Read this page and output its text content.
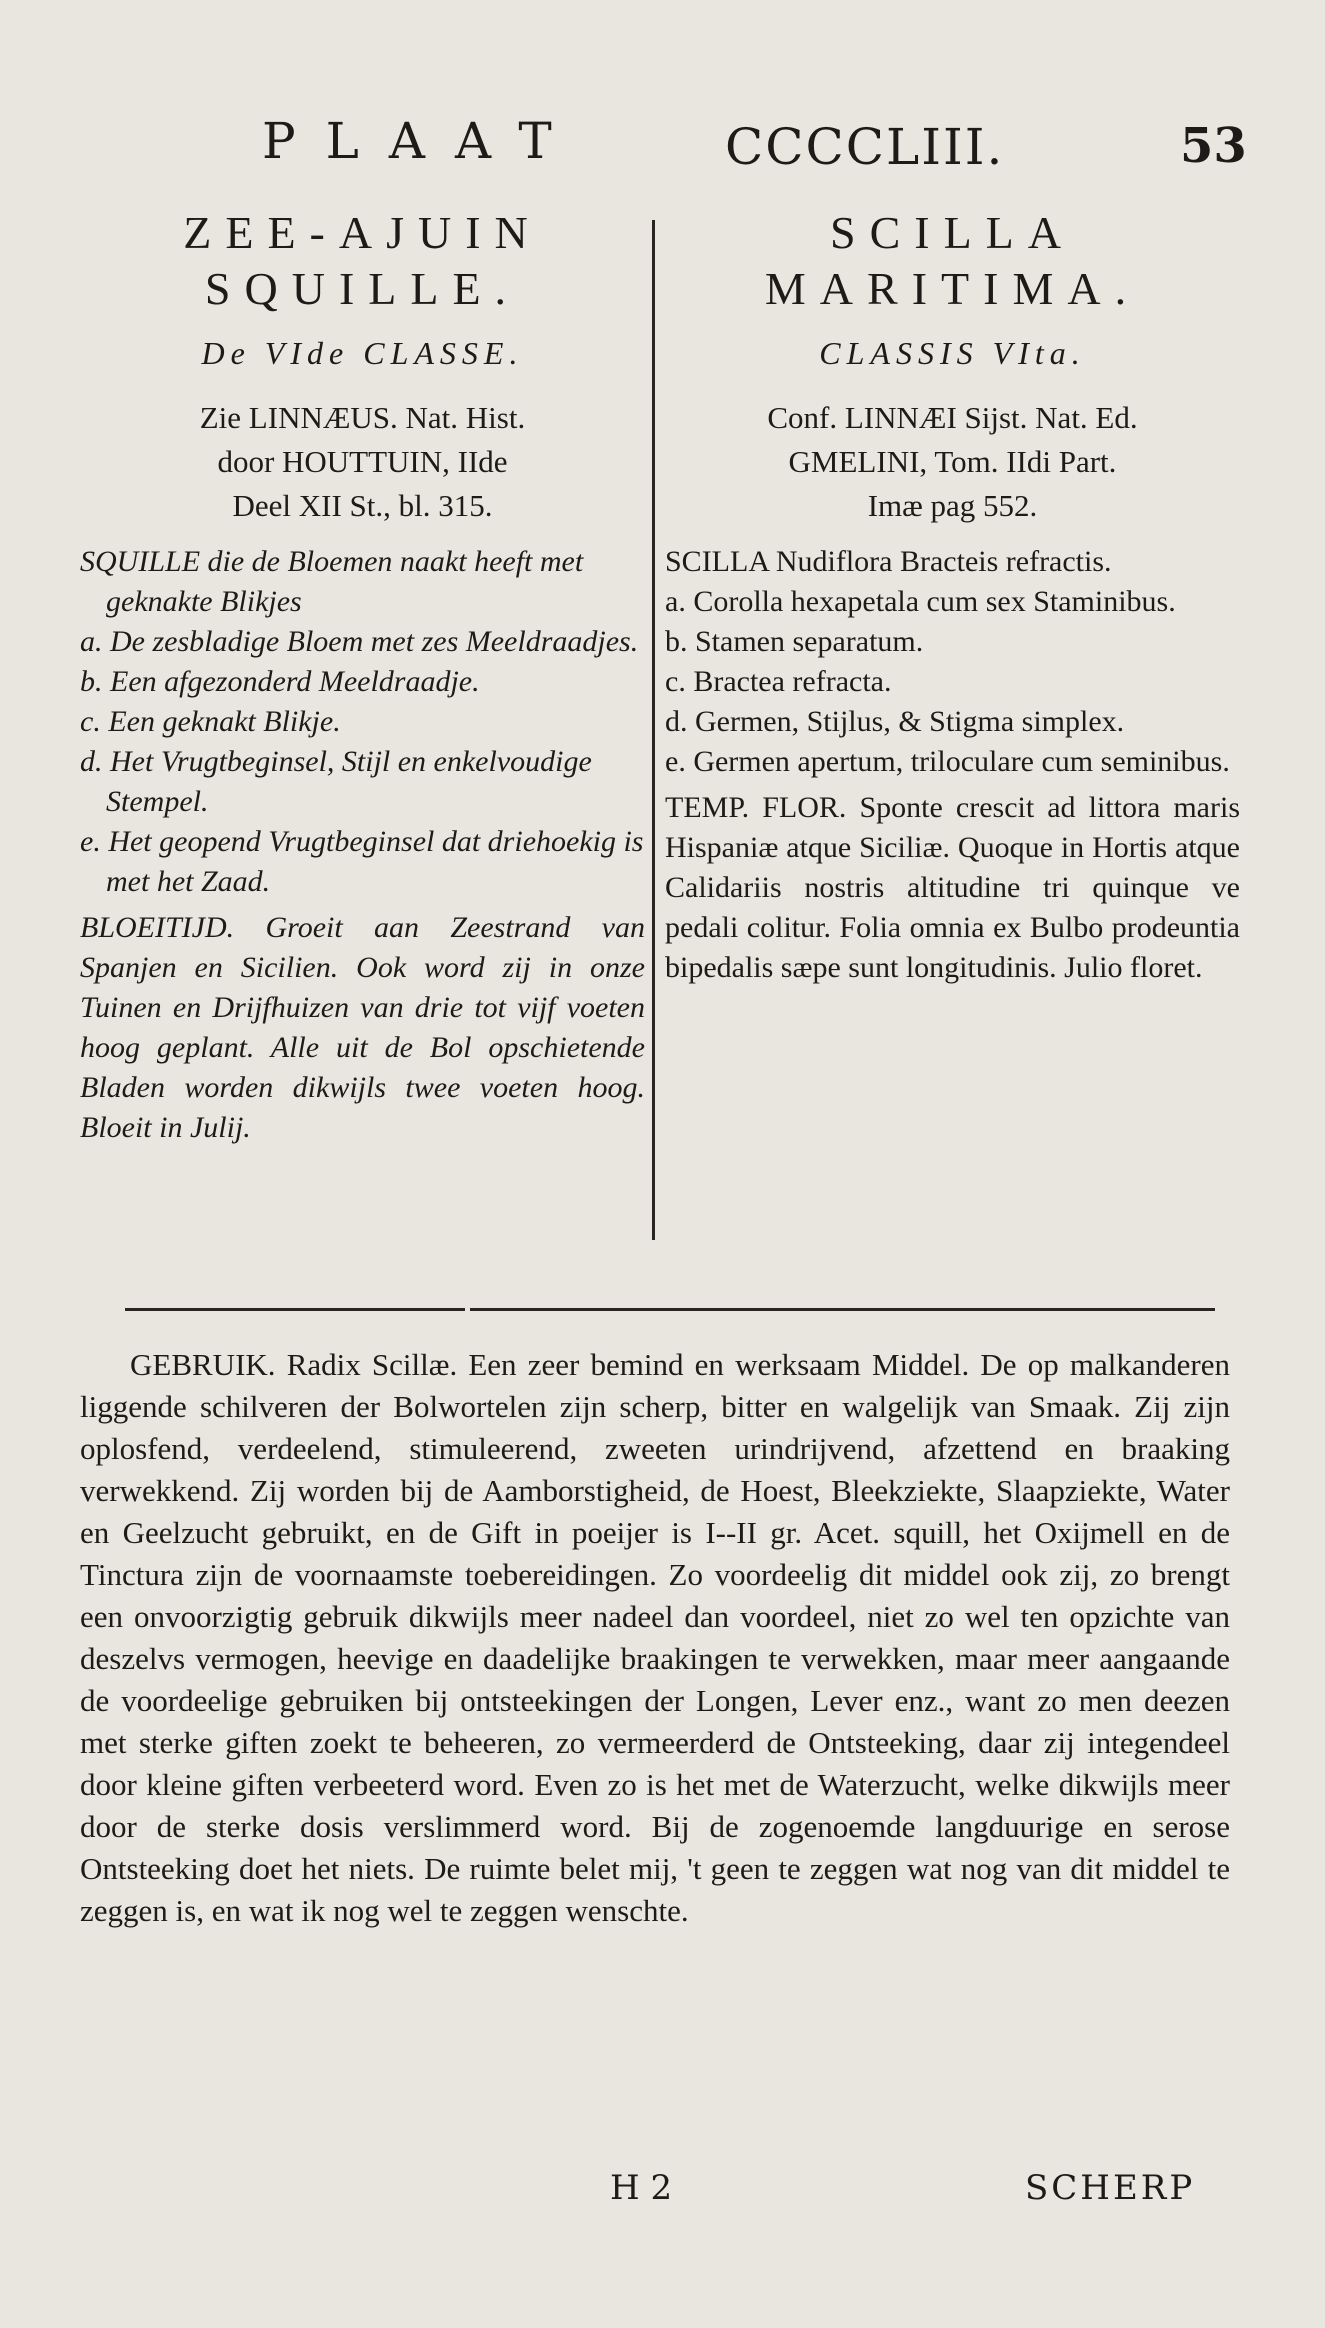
PLAAT	CCCCLIII.	53
ZEE-AJUIN
SQUILLE.
De VIde CLASSE.
Zie LINNÆUS. Nat. Hist.
door HOUTTUIN, IIde
Deel XII St., bl. 315.

SQUILLE die de Bloemen naakt heeft met geknakte Blikjes

a. De zesbladige Bloem met zes Meeldraadjes.

b. Een afgezonderd Meeldraadje.

c. Een geknakt Blikje.

d. Het Vrugtbeginsel, Stijl en enkelvoudige Stempel.

e. Het geopend Vrugtbeginsel dat driehoekig is met het Zaad.

BLOEITIJD. Groeit aan Zeestrand van Spanjen en Sicilien. Ook word zij in onze Tuinen en Drijfhuizen van drie tot vijf voeten hoog geplant. Alle uit de Bol opschietende Bladen worden dikwijls twee voeten hoog. Bloeit in Julij.

SCILLA
MARITIMA.
CLASSIS VIta.
Conf. LINNÆI Sijst. Nat. Ed.
GMELINI, Tom. IIdi Part.
Imæ pag 552.

SCILLA Nudiflora Bracteis refractis.

a. Corolla hexapetala cum sex Staminibus.

b. Stamen separatum.

c. Bractea refracta.

d. Germen, Stijlus, & Stigma simplex.

e. Germen apertum, triloculare cum seminibus.

TEMP. FLOR. Sponte crescit ad littora maris Hispaniæ atque Siciliæ. Quoque in Hortis atque Calidariis nostris altitudine tri quinque ve pedali colitur. Folia omnia ex Bulbo prodeuntia bipedalis sæpe sunt longitudinis. Julio floret.

GEBRUIK. Radix Scillæ. Een zeer bemind en werksaam Middel. De op malkanderen liggende schilveren der Bolwortelen zijn scherp, bitter en walgelijk van Smaak. Zij zijn oplosfend, verdeelend, stimuleerend, zweeten urindrijvend, afzettend en braaking verwekkend. Zij worden bij de Aamborstigheid, de Hoest, Bleekziekte, Slaapziekte, Water en Geelzucht gebruikt, en de Gift in poeijer is I--II gr. Acet. squill, het Oxijmell en de Tinctura zijn de voornaamste toebereidingen. Zo voordeelig dit middel ook zij, zo brengt een onvoorzigtig gebruik dikwijls meer nadeel dan voordeel, niet zo wel ten opzichte van deszelvs vermogen, heevige en daadelijke braakingen te verwekken, maar meer aangaande de voordeelige gebruiken bij ontsteekingen der Longen, Lever enz., want zo men deezen met sterke giften zoekt te beheeren, zo vermeerderd de Ontsteeking, daar zij integendeel door kleine giften verbeeterd word. Even zo is het met de Waterzucht, welke dikwijls meer door de sterke dosis verslimmerd word. Bij de zogenoemde langduurige en serose Ontsteeking doet het niets. De ruimte belet mij, 't geen te zeggen wat nog van dit middel te zeggen is, en wat ik nog wel te zeggen wenschte.
H 2	SCHERP
